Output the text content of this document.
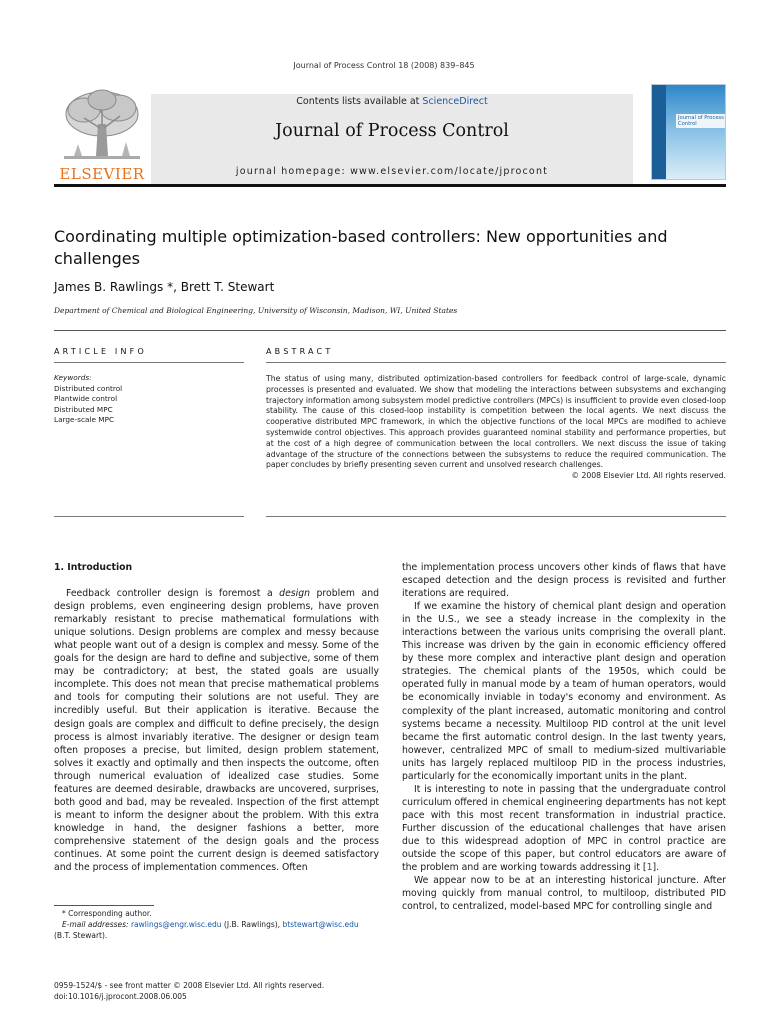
Journal of Process Control 18 (2008) 839–845
ELSEVIER
Contents lists available at ScienceDirect
Journal of Process Control
journal homepage: www.elsevier.com/locate/jprocont
Journal of Process Control
Coordinating multiple optimization-based controllers: New opportunities and challenges
James B. Rawlings *, Brett T. Stewart
Department of Chemical and Biological Engineering, University of Wisconsin, Madison, WI, United States
ARTICLE INFO	ABSTRACT
Keywords:
Distributed control
Plantwide control
Distributed MPC
Large-scale MPC
The status of using many, distributed optimization-based controllers for feedback control of large-scale, dynamic processes is presented and evaluated. We show that modeling the interactions between subsystems and exchanging trajectory information among subsystem model predictive controllers (MPCs) is insufficient to provide even closed-loop stability. The cause of this closed-loop instability is competition between the local agents. We next discuss the cooperative distributed MPC framework, in which the objective functions of the local MPCs are modified to achieve systemwide control objectives. This approach provides guaranteed nominal stability and performance properties, but at the cost of a high degree of communication between the local controllers. We next discuss the issue of taking advantage of the structure of the connections between the subsystems to reduce the required communication. The paper concludes by briefly presenting seven current and unsolved research challenges.
© 2008 Elsevier Ltd. All rights reserved.
1. Introduction

Feedback controller design is foremost a design problem and design problems, even engineering design problems, have proven remarkably resistant to precise mathematical formulations with unique solutions. Design problems are complex and messy because what people want out of a design is complex and messy. Some of the goals for the design are hard to define and subjective, some of them may be contradictory; at best, the stated goals are usually incomplete. This does not mean that precise mathematical problems and tools for computing their solutions are not useful. They are incredibly useful. But their application is iterative. Because the design goals are complex and difficult to define precisely, the design process is almost invariably iterative. The designer or design team often proposes a precise, but limited, design problem statement, solves it exactly and optimally and then inspects the outcome, often through numerical evaluation of idealized case studies. Some features are deemed desirable, drawbacks are uncovered, surprises, both good and bad, may be revealed. Inspection of the first attempt is meant to inform the designer about the problem. With this extra knowledge in hand, the designer fashions a better, more comprehensive statement of the design goals and the process continues. At some point the current design is deemed satisfactory and the process of implementation commences. Often

the implementation process uncovers other kinds of flaws that have escaped detection and the design process is revisited and further iterations are required.

If we examine the history of chemical plant design and operation in the U.S., we see a steady increase in the complexity in the interactions between the various units comprising the overall plant. This increase was driven by the gain in economic efficiency offered by these more complex and interactive plant design and operation strategies. The chemical plants of the 1950s, which could be operated fully in manual mode by a team of human operators, would be economically inviable in today's economy and environment. As complexity of the plant increased, automatic monitoring and control systems became a necessity. Multiloop PID control at the unit level became the first automatic control design. In the last twenty years, however, centralized MPC of small to medium-sized multivariable units has largely replaced multiloop PID in the process industries, particularly for the economically important units in the plant.

It is interesting to note in passing that the undergraduate control curriculum offered in chemical engineering departments has not kept pace with this most recent transformation in industrial practice. Further discussion of the educational challenges that have arisen due to this widespread adoption of MPC in control practice are outside the scope of this paper, but control educators are aware of the problem and are working towards addressing it [1].

We appear now to be at an interesting historical juncture. After moving quickly from manual control, to multiloop, distributed PID control, to centralized, model-based MPC for controlling single and

* Corresponding author.
E-mail addresses: rawlings@engr.wisc.edu (J.B. Rawlings), btstewart@wisc.edu
(B.T. Stewart).
0959-1524/$ - see front matter © 2008 Elsevier Ltd. All rights reserved.
doi:10.1016/j.jprocont.2008.06.005
